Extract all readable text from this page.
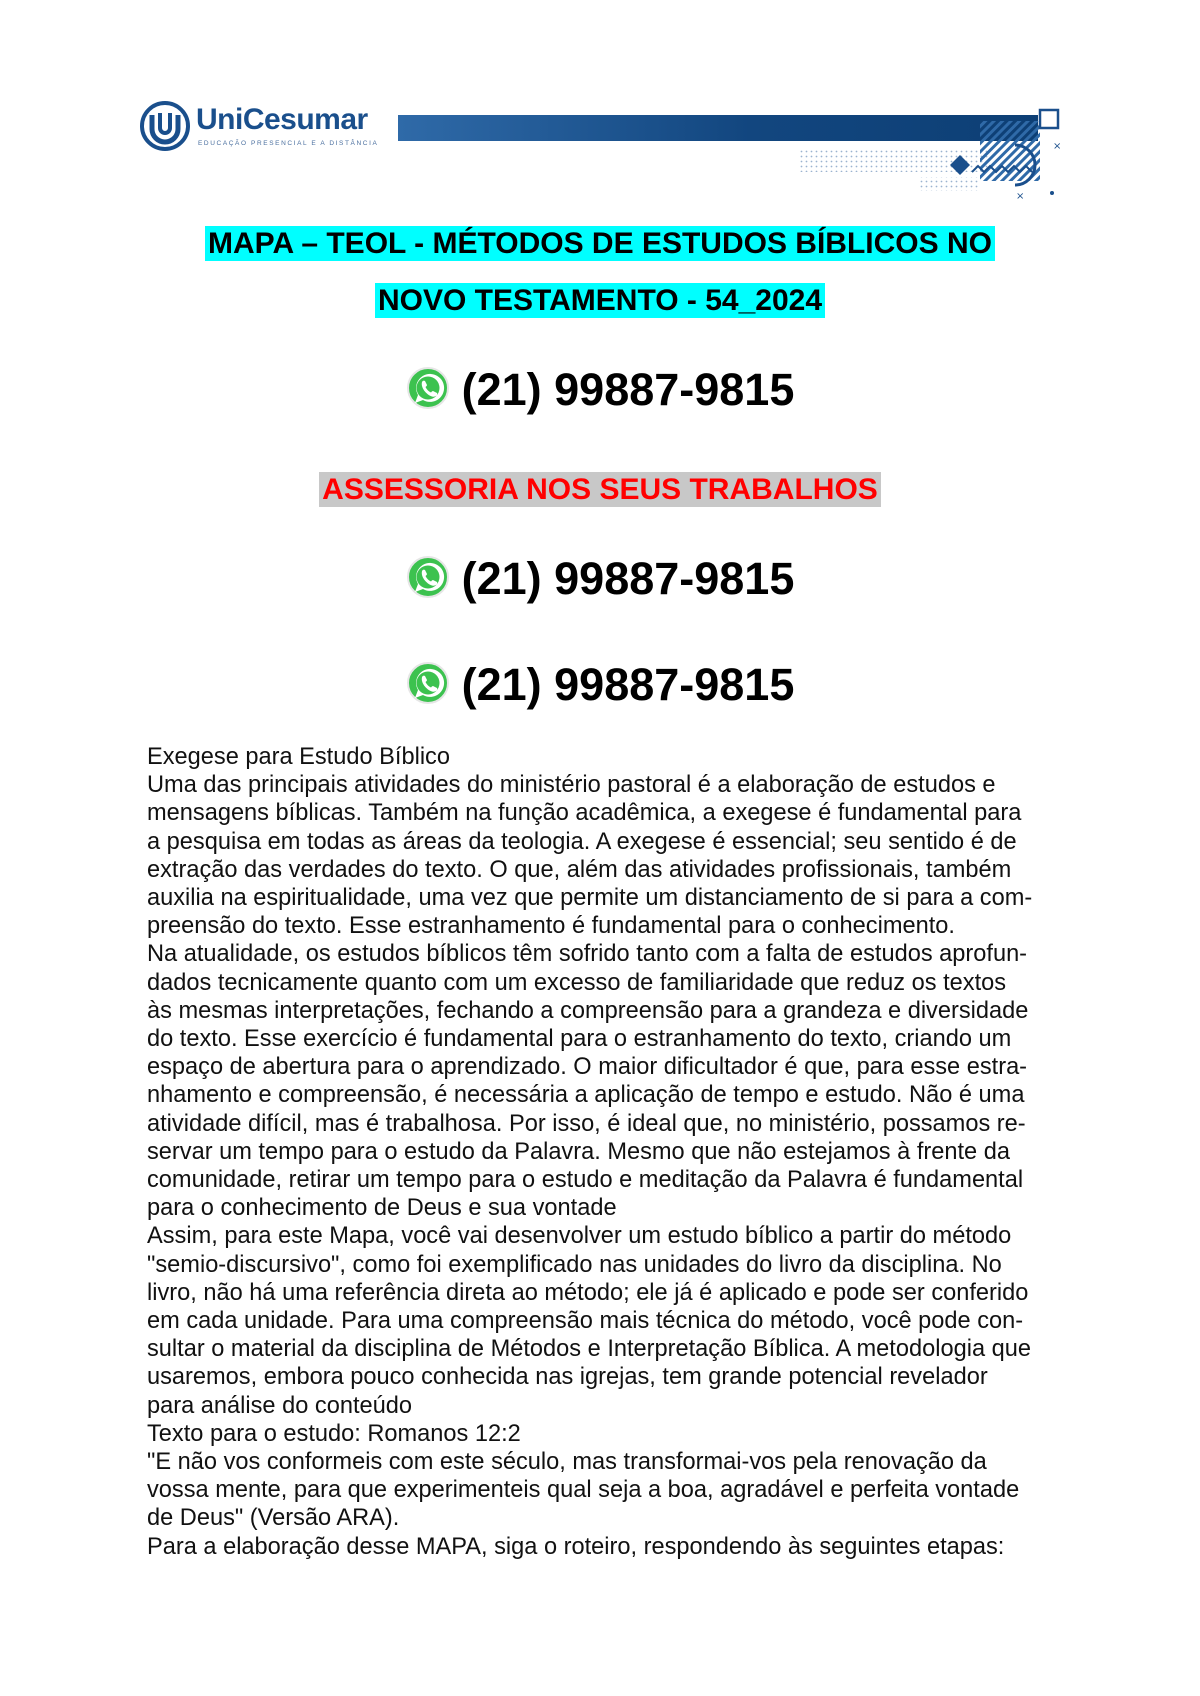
UniCesumar
EDUCAÇÃO PRESENCIAL E A DISTÂNCIA	×
×
MAPA – TEOL - MÉTODOS DE ESTUDOS BÍBLICOS NO
NOVO TESTAMENTO - 54_2024
(21) 99887-9815
ASSESSORIA NOS SEUS TRABALHOS
(21) 99887-9815
(21) 99887-9815

Exegese para Estudo Bíblico

Uma das principais atividades do ministério pastoral é a elaboração de estudos e

mensagens bíblicas. Também na função acadêmica, a exegese é fundamental para

a pesquisa em todas as áreas da teologia. A exegese é essencial; seu sentido é de

extração das verdades do texto. O que, além das atividades profissionais, também

auxilia na espiritualidade, uma vez que permite um distanciamento de si para a com-

preensão do texto. Esse estranhamento é fundamental para o conhecimento.

Na atualidade, os estudos bíblicos têm sofrido tanto com a falta de estudos aprofun-

dados tecnicamente quanto com um excesso de familiaridade que reduz os textos

às mesmas interpretações, fechando a compreensão para a grandeza e diversidade

do texto. Esse exercício é fundamental para o estranhamento do texto, criando um

espaço de abertura para o aprendizado. O maior dificultador é que, para esse estra-

nhamento e compreensão, é necessária a aplicação de tempo e estudo. Não é uma

atividade difícil, mas é trabalhosa. Por isso, é ideal que, no ministério, possamos re-

servar um tempo para o estudo da Palavra. Mesmo que não estejamos à frente da

comunidade, retirar um tempo para o estudo e meditação da Palavra é fundamental

para o conhecimento de Deus e sua vontade

Assim, para este Mapa, você vai desenvolver um estudo bíblico a partir do método

"semio-discursivo", como foi exemplificado nas unidades do livro da disciplina. No

livro, não há uma referência direta ao método; ele já é aplicado e pode ser conferido

em cada unidade. Para uma compreensão mais técnica do método, você pode con-

sultar o material da disciplina de Métodos e Interpretação Bíblica. A metodologia que

usaremos, embora pouco conhecida nas igrejas, tem grande potencial revelador

para análise do conteúdo

Texto para o estudo: Romanos 12:2

"E não vos conformeis com este século, mas transformai-vos pela renovação da

vossa mente, para que experimenteis qual seja a boa, agradável e perfeita vontade

de Deus" (Versão ARA).

Para a elaboração desse MAPA, siga o roteiro, respondendo às seguintes etapas:
